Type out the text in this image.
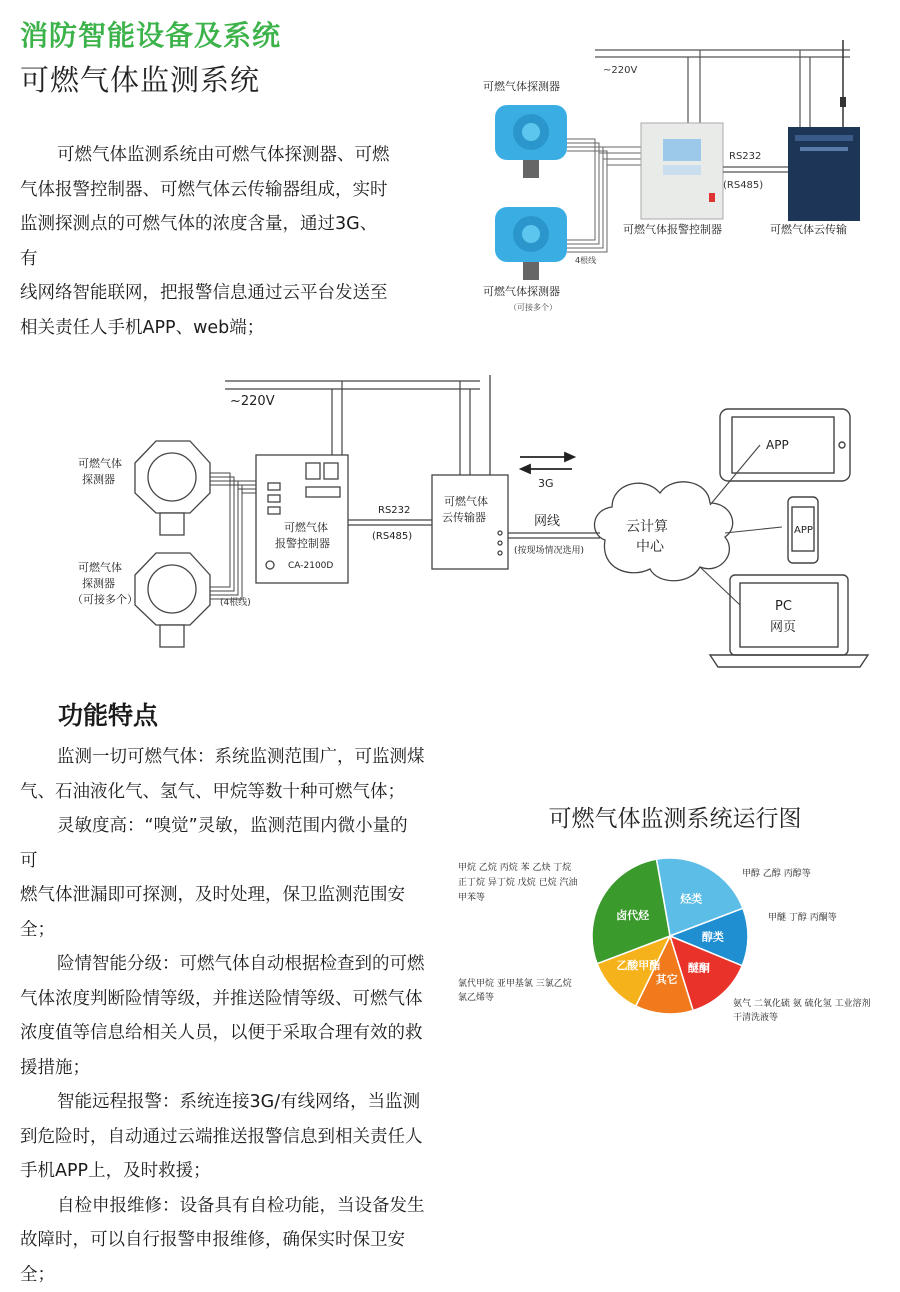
消防智能设备及系统
可燃气体监测系统
可燃气体监测系统由可燃气体探测器、可燃
气体报警控制器、可燃气体云传输器组成，实时
监测探测点的可燃气体的浓度含量，通过3G、有
线网络智能联网，把报警信息通过云平台发送至
相关责任人手机APP、web端；
~220V
可燃气体探测器
可燃气体探测器
（可接多个）
4根线
可燃气体报警控制器
RS232
(RS485)
可燃气体云传输
~220V
可燃气体
探测器
可燃气体
探测器
（可接多个）	(4根线)
可燃气体
报警控制器
CA-2100D
RS232
(RS485)
可燃气体
云传输器
3G
网线
(按现场情况选用)
云计算
中心
APP
APP
PC
网页
功能特点
监测一切可燃气体：系统监测范围广，可监测煤
气、石油液化气、氢气、甲烷等数十种可燃气体；
灵敏度高：“嗅觉”灵敏，监测范围内微小量的可
燃气体泄漏即可探测，及时处理，保卫监测范围安
全；
险情智能分级：可燃气体自动根据检查到的可燃
气体浓度判断险情等级，并推送险情等级、可燃气体
浓度值等信息给相关人员，以便于采取合理有效的救
援措施；
智能远程报警：系统连接3G/有线网络，当监测
到危险时，自动通过云端推送报警信息到相关责任人
手机APP上，及时救援；
自检申报维修：设备具有自检功能，当设备发生
故障时，可以自行报警申报维修，确保实时保卫安全；
可燃气体监测系统运行图
甲烷 乙烷 丙烷 苯 乙炔 丁烷
正丁烷 异丁烷 戊烷 已烷 汽油
甲苯等
甲醇 乙醇 丙醇等
甲醚 丁醇 丙酮等
氨气 二氧化硫 氨 硫化氢 工业溶剂
干清洗液等
氯代甲烷 亚甲基氯 三氯乙烷
氯乙烯等
烃类
醇类
醚酮
其它
乙酸甲酯
卤代烃
